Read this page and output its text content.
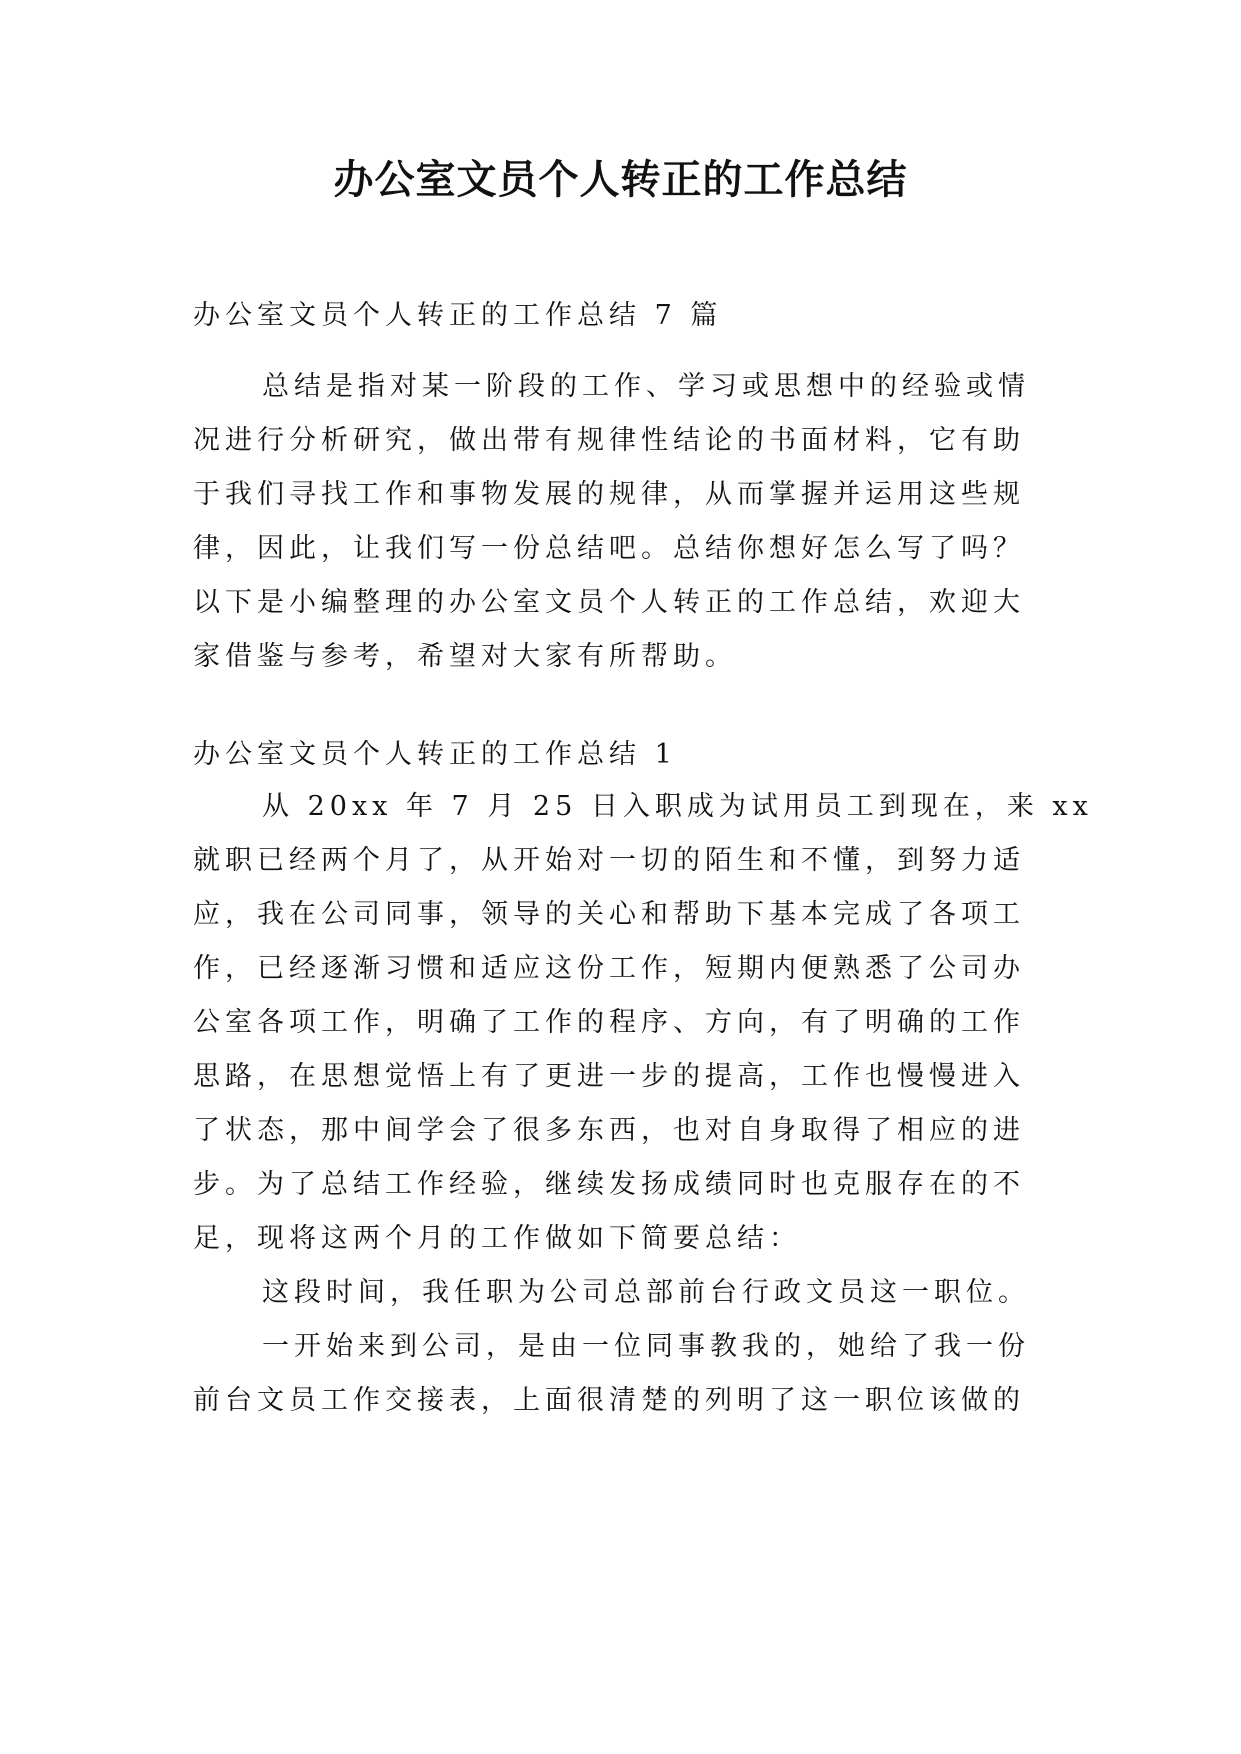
办公室文员个人转正的工作总结
办公室文员个人转正的工作总结 7 篇
总结是指对某一阶段的工作、学习或思想中的经验或情
况进行分析研究，做出带有规律性结论的书面材料，它有助
于我们寻找工作和事物发展的规律，从而掌握并运用这些规
律，因此，让我们写一份总结吧。总结你想好怎么写了吗？
以下是小编整理的办公室文员个人转正的工作总结，欢迎大
家借鉴与参考，希望对大家有所帮助。
办公室文员个人转正的工作总结 1
从 20xx 年 7 月 25 日入职成为试用员工到现在，来 xx
就职已经两个月了，从开始对一切的陌生和不懂，到努力适
应，我在公司同事，领导的关心和帮助下基本完成了各项工
作，已经逐渐习惯和适应这份工作，短期内便熟悉了公司办
公室各项工作，明确了工作的程序、方向，有了明确的工作
思路，在思想觉悟上有了更进一步的提高，工作也慢慢进入
了状态，那中间学会了很多东西，也对自身取得了相应的进
步。为了总结工作经验，继续发扬成绩同时也克服存在的不
足，现将这两个月的工作做如下简要总结：
这段时间，我任职为公司总部前台行政文员这一职位。
一开始来到公司，是由一位同事教我的，她给了我一份
前台文员工作交接表，上面很清楚的列明了这一职位该做的
